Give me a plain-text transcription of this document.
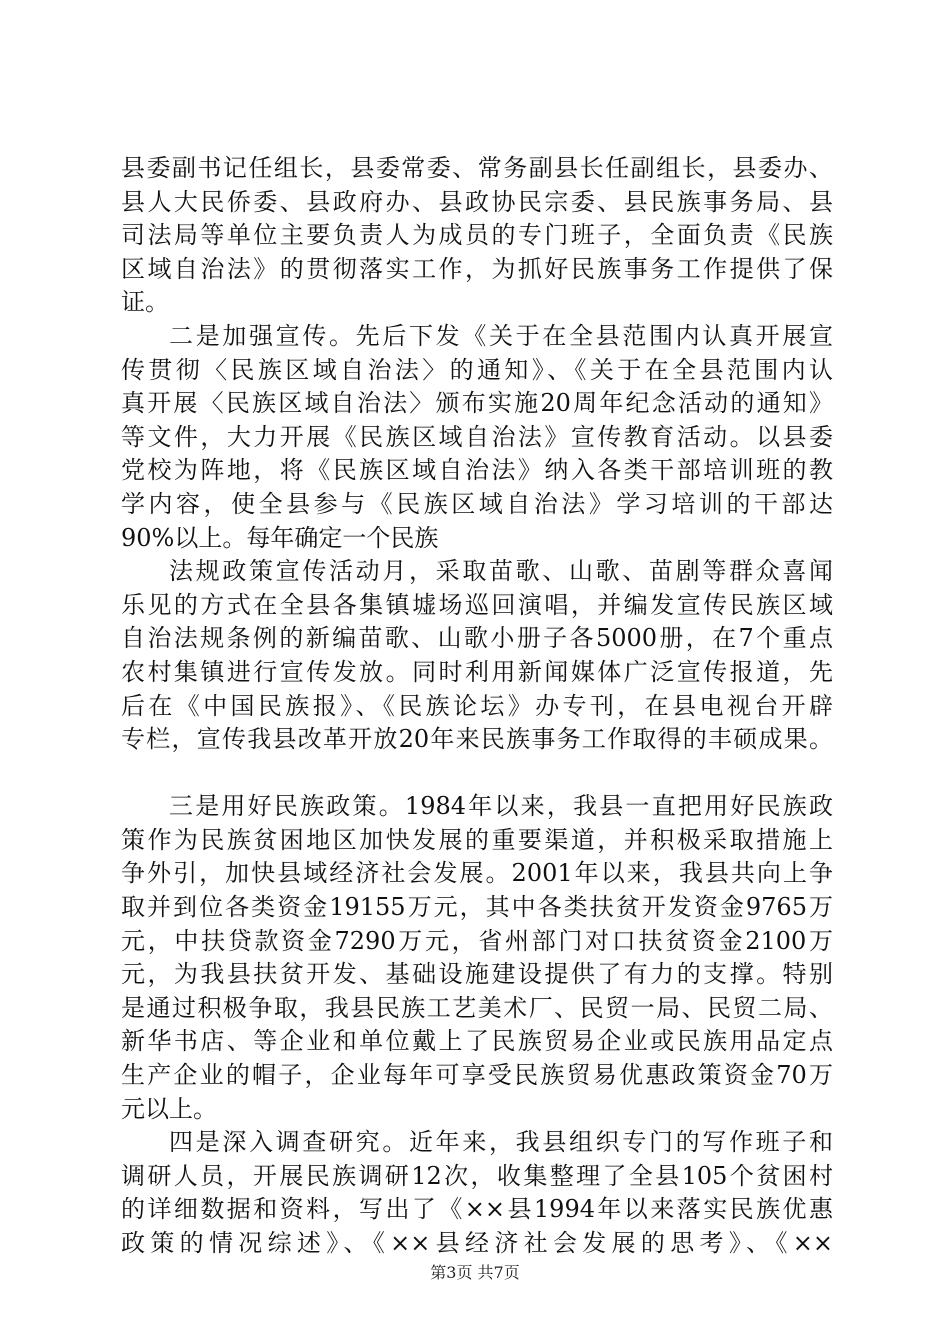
县委副书记任组长，县委常委、常务副县长任副组长，县委办、
县人大民侨委、县政府办、县政协民宗委、县民族事务局、县
司法局等单位主要负责人为成员的专门班子，全面负责《民族
区域自治法》的贯彻落实工作，为抓好民族事务工作提供了保
证。
二是加强宣传。先后下发《关于在全县范围内认真开展宣
传贯彻〈民族区域自治法〉的通知》、《关于在全县范围内认
真开展〈民族区域自治法〉颁布实施20周年纪念活动的通知》
等文件，大力开展《民族区域自治法》宣传教育活动。以县委
党校为阵地，将《民族区域自治法》纳入各类干部培训班的教
学内容，使全县参与《民族区域自治法》学习培训的干部达
90%以上。每年确定一个民族
法规政策宣传活动月，采取苗歌、山歌、苗剧等群众喜闻
乐见的方式在全县各集镇墟场巡回演唱，并编发宣传民族区域
自治法规条例的新编苗歌、山歌小册子各5000册，在7个重点
农村集镇进行宣传发放。同时利用新闻媒体广泛宣传报道，先
后在《中国民族报》、《民族论坛》办专刊，在县电视台开辟
专栏，宣传我县改革开放20年来民族事务工作取得的丰硕成果。
三是用好民族政策。1984年以来，我县一直把用好民族政
策作为民族贫困地区加快发展的重要渠道，并积极采取措施上
争外引，加快县域经济社会发展。2001年以来，我县共向上争
取并到位各类资金19155万元，其中各类扶贫开发资金9765万
元，中扶贷款资金7290万元，省州部门对口扶贫资金2100万
元，为我县扶贫开发、基础设施建设提供了有力的支撑。特别
是通过积极争取，我县民族工艺美术厂、民贸一局、民贸二局、
新华书店、等企业和单位戴上了民族贸易企业或民族用品定点
生产企业的帽子，企业每年可享受民族贸易优惠政策资金70万
元以上。
四是深入调查研究。近年来，我县组织专门的写作班子和
调研人员，开展民族调研12次，收集整理了全县105个贫困村
的详细数据和资料，写出了《××县1994年以来落实民族优惠
政策的情况综述》、《××县经济社会发展的思考》、《××
第3页 共7页
